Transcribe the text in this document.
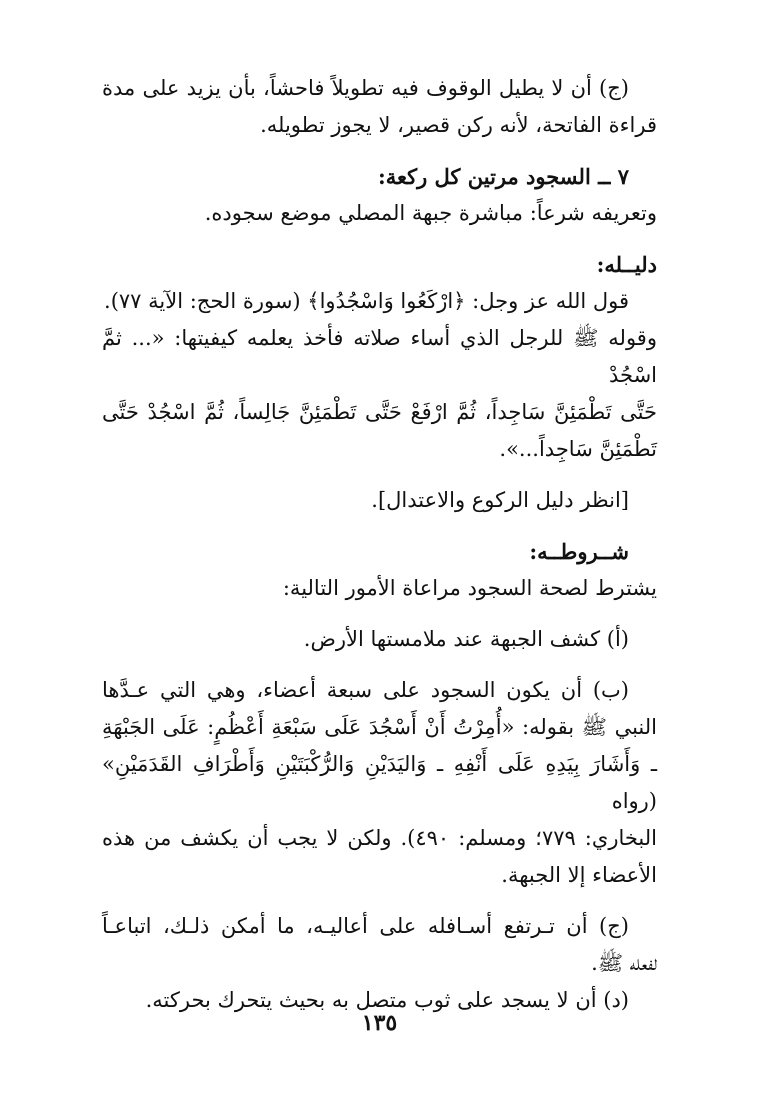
(ج) أن لا يطيل الوقوف فيه تطويلاً فاحشاً، بأن يزيد على مدة

قراءة الفاتحة، لأنه ركن قصير، لا يجوز تطويله.

٧ ــ السجود مرتين كل ركعة:

وتعريفه شرعاً: مباشرة جبهة المصلي موضع سجوده.

دليــله:

قول الله عز وجل: ﴿ارْكَعُوا وَاسْجُدُوا﴾ (سورة الحج: الآية ٧٧).

وقوله ﷺ للرجل الذي أساء صلاته فأخذ يعلمه كيفيتها: «... ثمَّ اسْجُدْ

حَتَّى تَطْمَئِنَّ سَاجِداً، ثُمَّ ارْفَعْ حَتَّى تَطْمَئِنَّ جَالِساً، ثُمَّ اسْجُدْ حَتَّى

تَطْمَئِنَّ سَاجِداً...».

[انظر دليل الركوع والاعتدال].

شــروطــه:

يشترط لصحة السجود مراعاة الأمور التالية:

(أ) كشف الجبهة عند ملامستها الأرض.

(ب) أن يكون السجود على سبعة أعضاء، وهي التي عـدَّها

النبي ﷺ بقوله: «أُمِرْتُ أَنْ أَسْجُدَ عَلَى سَبْعَةِ أَعْظُمٍ: عَلَى الجَبْهَةِ

ـ وَأَشَارَ بِيَدِهِ عَلَى أَنْفِهِ ـ وَاليَدَيْنِ وَالرُّكْبَتَيْنِ وَأَطْرَافِ القَدَمَيْنِ» (رواه

البخاري: ٧٧٩؛ ومسلم: ٤٩٠). ولكن لا يجب أن يكشف من هذه

الأعضاء إلا الجبهة.

(ج) أن تـرتفع أسـافله على أعاليـه، ما أمكن ذلـك، اتباعـاً

لفعله ﷺ.

(د) أن لا يسجد على ثوب متصل به بحيث يتحرك بحركته.

١٣٥
